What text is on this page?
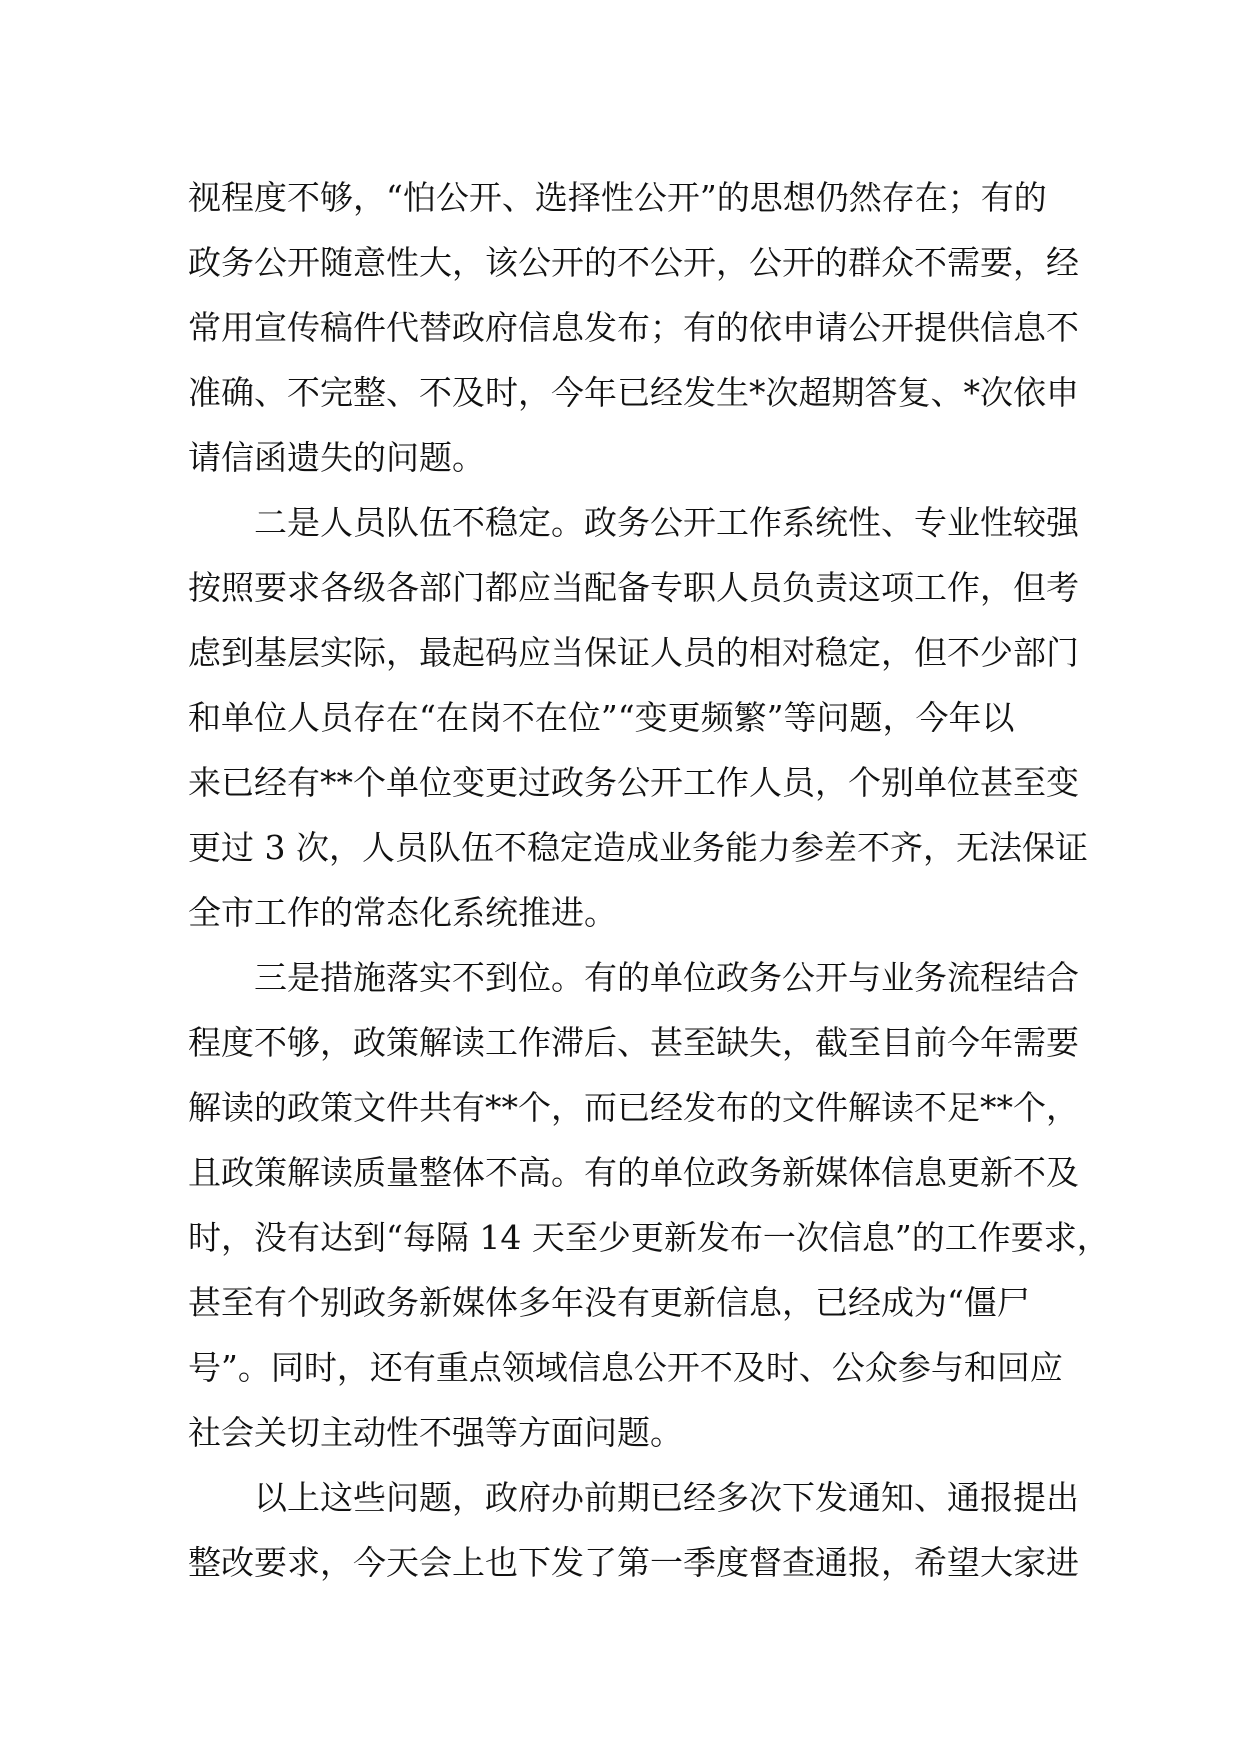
视程度不够，“怕公开、选择性公开”的思想仍然存在；有的
政务公开随意性大，该公开的不公开，公开的群众不需要，经
常用宣传稿件代替政府信息发布；有的依申请公开提供信息不
准确、不完整、不及时，今年已经发生*次超期答复、*次依申
请信函遗失的问题。
　　二是人员队伍不稳定。政务公开工作系统性、专业性较强
按照要求各级各部门都应当配备专职人员负责这项工作，但考
虑到基层实际，最起码应当保证人员的相对稳定，但不少部门
和单位人员存在“在岗不在位”“变更频繁”等问题，今年以
来已经有**个单位变更过政务公开工作人员，个别单位甚至变
更过 3 次，人员队伍不稳定造成业务能力参差不齐，无法保证
全市工作的常态化系统推进。
　　三是措施落实不到位。有的单位政务公开与业务流程结合
程度不够，政策解读工作滞后、甚至缺失，截至目前今年需要
解读的政策文件共有**个，而已经发布的文件解读不足**个，
且政策解读质量整体不高。有的单位政务新媒体信息更新不及
时，没有达到“每隔 14 天至少更新发布一次信息”的工作要求，
甚至有个别政务新媒体多年没有更新信息，已经成为“僵尸
号”。同时，还有重点领域信息公开不及时、公众参与和回应
社会关切主动性不强等方面问题。
　　以上这些问题，政府办前期已经多次下发通知、通报提出
整改要求，今天会上也下发了第一季度督查通报，希望大家进
